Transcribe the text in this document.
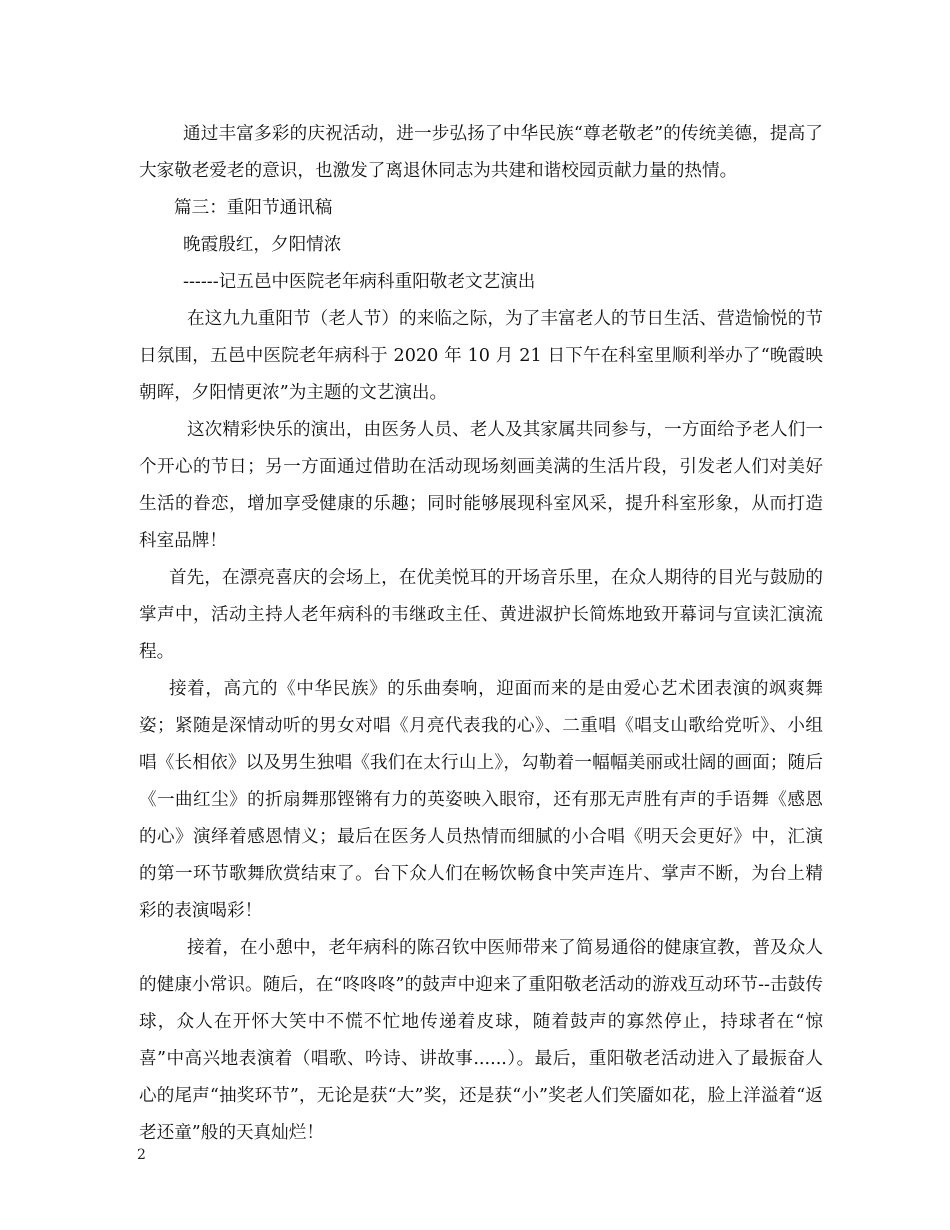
通过丰富多彩的庆祝活动，进一步弘扬了中华民族“尊老敬老”的传统美德，提高了大家敬老爱老的意识，也激发了离退休同志为共建和谐校园贡献力量的热情。

篇三：重阳节通讯稿

晚霞殷红，夕阳情浓

------记五邑中医院老年病科重阳敬老文艺演出

在这九九重阳节（老人节）的来临之际，为了丰富老人的节日生活、营造愉悦的节日氛围，五邑中医院老年病科于 2020 年 10 月 21 日下午在科室里顺利举办了“晚霞映朝晖，夕阳情更浓”为主题的文艺演出。

这次精彩快乐的演出，由医务人员、老人及其家属共同参与，一方面给予老人们一个开心的节日；另一方面通过借助在活动现场刻画美满的生活片段，引发老人们对美好生活的眷恋，增加享受健康的乐趣；同时能够展现科室风采，提升科室形象，从而打造科室品牌！

首先，在漂亮喜庆的会场上，在优美悦耳的开场音乐里，在众人期待的目光与鼓励的掌声中，活动主持人老年病科的韦继政主任、黄进淑护长简炼地致开幕词与宣读汇演流程。

接着，高亢的《中华民族》的乐曲奏响，迎面而来的是由爱心艺术团表演的飒爽舞姿；紧随是深情动听的男女对唱《月亮代表我的心》、二重唱《唱支山歌给党听》、小组唱《长相依》以及男生独唱《我们在太行山上》，勾勒着一幅幅美丽或壮阔的画面；随后《一曲红尘》的折扇舞那铿锵有力的英姿映入眼帘，还有那无声胜有声的手语舞《感恩的心》演绎着感恩情义；最后在医务人员热情而细腻的小合唱《明天会更好》中，汇演的第一环节歌舞欣赏结束了。台下众人们在畅饮畅食中笑声连片、掌声不断，为台上精彩的表演喝彩！

接着，在小憩中，老年病科的陈召钦中医师带来了简易通俗的健康宣教，普及众人的健康小常识。随后，在“咚咚咚”的鼓声中迎来了重阳敬老活动的游戏互动环节--击鼓传球，众人在开怀大笑中不慌不忙地传递着皮球，随着鼓声的寡然停止，持球者在“惊喜”中高兴地表演着（唱歌、吟诗、讲故事......）。最后，重阳敬老活动进入了最振奋人心的尾声“抽奖环节”，无论是获“大”奖，还是获“小”奖老人们笑靥如花，脸上洋溢着“返老还童”般的天真灿烂！

2
